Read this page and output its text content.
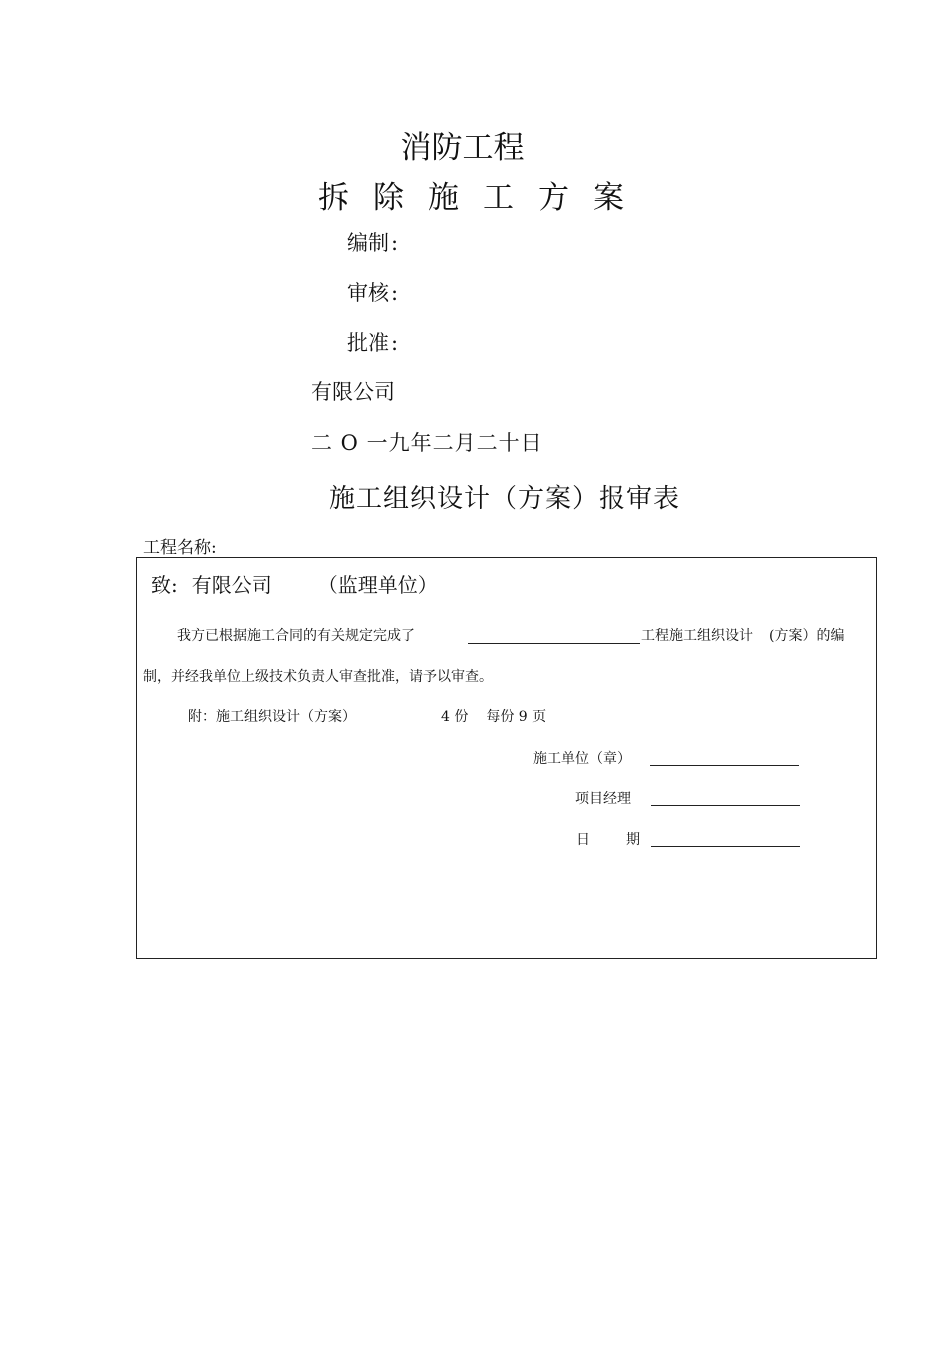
消防工程
拆除施工方案
编制:
审核:
批准:
有限公司
二 O 一九年二月二十日
施工组织设计（方案）报审表
工程名称:
致: 有限公司 （监理单位）
我方已根据施工合同的有关规定完成了	工程施工组织设计 (方案）的编
制，并经我单位上级技术负责人审查批准，请予以审查。
附：施工组织设计（方案）	4 份 每份 9 页
施工单位（章）
项目经理
日	期
